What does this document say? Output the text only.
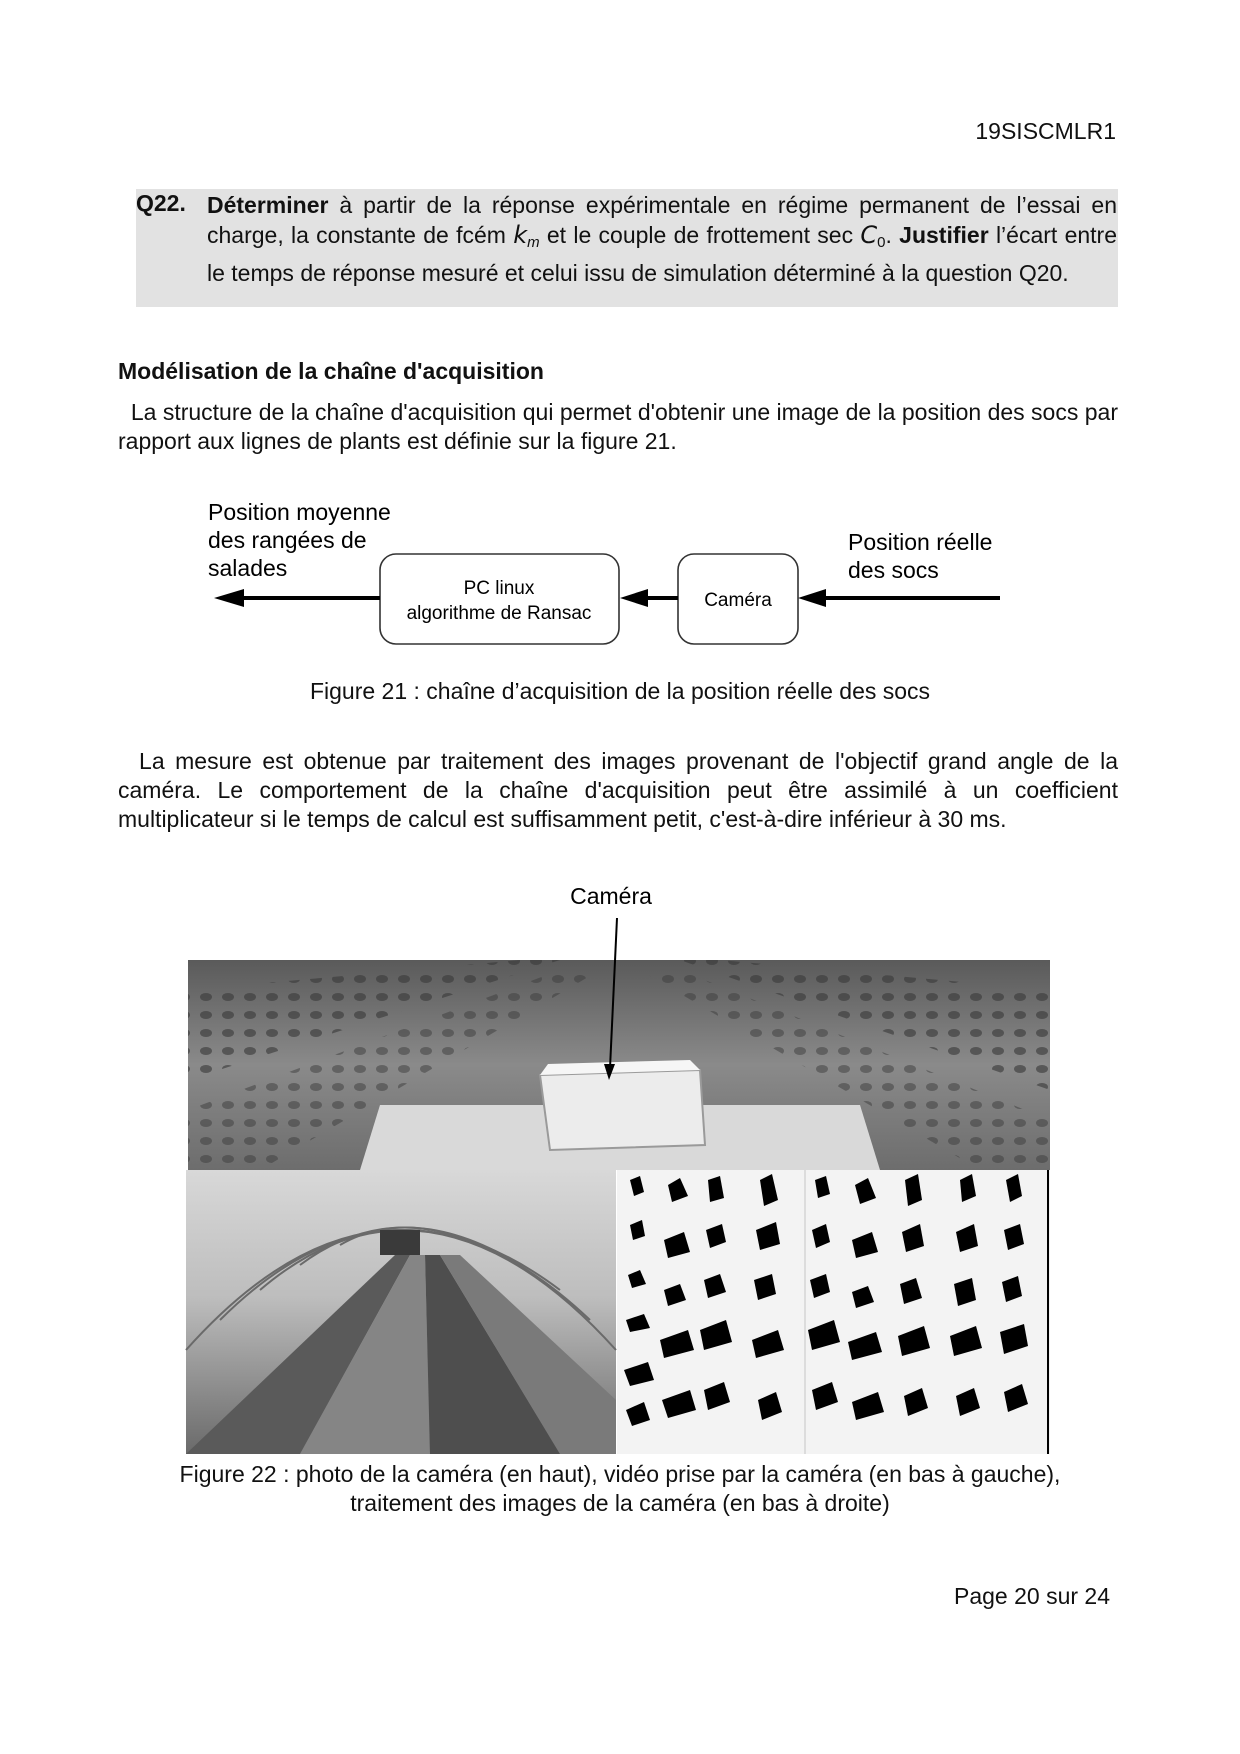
19SISCMLR1
Q22. Déterminer à partir de la réponse expérimentale en régime permanent de l’essai en charge, la constante de fcém $k_m$ et le couple de frottement sec C0. Justifier l’écart entre le temps de réponse mesuré et celui issu de simulation déterminé à la question Q20.
Modélisation de la chaîne d'acquisition
La structure de la chaîne d'acquisition qui permet d'obtenir une image de la position des socs par rapport aux lignes de plants est définie sur la figure 21.
Position moyenne
des rangées de
salades
PC linux
algorithme de Ransac
Caméra
Position réelle
des socs
Figure 21 : chaîne d’acquisition de la position réelle des socs
La mesure est obtenue par traitement des images provenant de l'objectif grand angle de la caméra. Le comportement de la chaîne d'acquisition peut être assimilé à un coefficient multiplicateur si le temps de calcul est suffisamment petit, c'est-à-dire inférieur à 30 ms.
Caméra
Figure 22 : photo de la caméra (en haut), vidéo prise par la caméra (en bas à gauche),
traitement des images de la caméra (en bas à droite)
Page 20 sur 24
